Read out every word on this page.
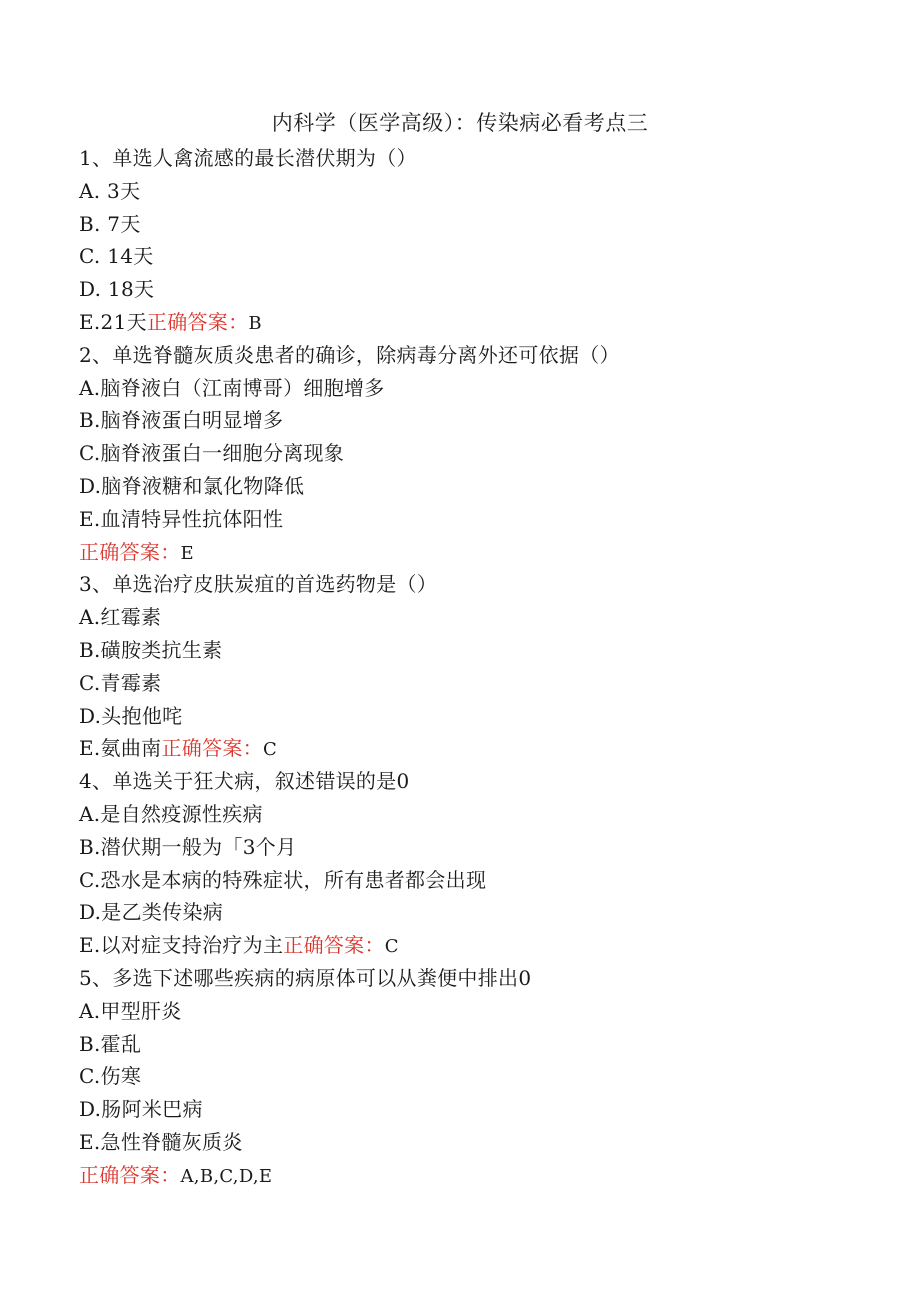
内科学（医学高级）：传染病必看考点三
1、单选人禽流感的最长潜伏期为（）
A. 3天
B. 7天
C. 14天
D. 18天
E.21天正确答案：B
2、单选脊髓灰质炎患者的确诊，除病毒分离外还可依据（）
A.脑脊液白（江南博哥）细胞增多
B.脑脊液蛋白明显增多
C.脑脊液蛋白一细胞分离现象
D.脑脊液糖和氯化物降低
E.血清特异性抗体阳性
正确答案：E
3、单选治疗皮肤炭疽的首选药物是（）
A.红霉素
B.磺胺类抗生素
C.青霉素
D.头抱他咤
E.氨曲南正确答案：C
4、单选关于狂犬病，叙述错误的是0
A.是自然疫源性疾病
B.潜伏期一般为「3个月
C.恐水是本病的特殊症状，所有患者都会出现
D.是乙类传染病
E.以对症支持治疗为主正确答案：C
5、多选下述哪些疾病的病原体可以从粪便中排出0
A.甲型肝炎
B.霍乱
C.伤寒
D.肠阿米巴病
E.急性脊髓灰质炎
正确答案：A,B,C,D,E
